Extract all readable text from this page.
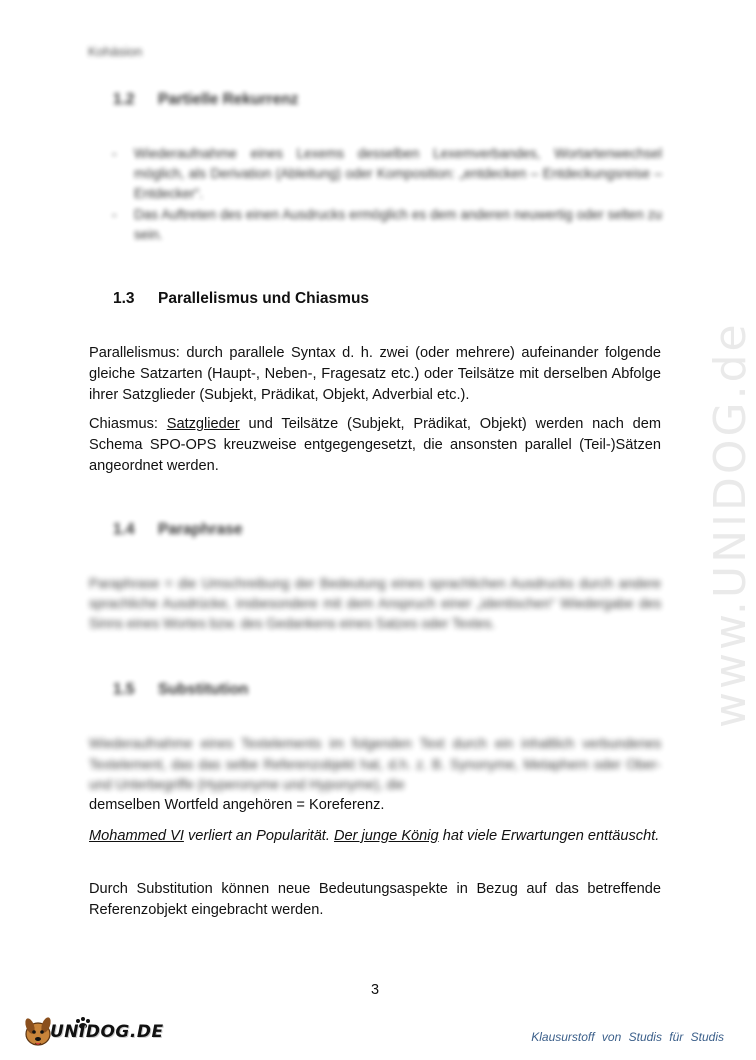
www.UNIDOG.de
Kohäsion
1.2 Partielle Rekurrenz
- Wiederaufnahme eines Lexems desselben Lexemverbandes, Wortartenwechsel möglich, als Derivation (Ableitung) oder Komposition: „entdecken – Entdeckungsreise – Entdecker“.
- Das Auftreten des einen Ausdrucks ermöglich es dem anderen neuwertig oder selten zu sein.
1.3 Parallelismus und Chiasmus
Parallelismus: durch parallele Syntax d. h. zwei (oder mehrere) aufeinander folgende gleiche Satzarten (Haupt-, Neben-, Fragesatz etc.) oder Teilsätze mit derselben Abfolge ihrer Satzglieder (Subjekt, Prädikat, Objekt, Adverbial etc.).
Chiasmus: Satzglieder und Teilsätze (Subjekt, Prädikat, Objekt) werden nach dem Schema SPO-OPS kreuzweise entgegengesetzt, die ansonsten parallel (Teil-)Sätzen angeordnet werden.
1.4 Paraphrase
Paraphrase = die Umschreibung der Bedeutung eines sprachlichen Ausdrucks durch andere sprachliche Ausdrücke, insbesondere mit dem Anspruch einer „identischen“ Wiedergabe des Sinns eines Wortes bzw. des Gedankens eines Satzes oder Textes.
1.5 Substitution
Wiederaufnahme eines Textelements im folgenden Text durch ein inhaltlich verbundenes Textelement, das das selbe Referenzobjekt hat, d.h. z. B. Synonyme, Metaphern oder Ober- und Unterbegriffe (Hyperonyme und Hyponyme), die
demselben Wortfeld angehören = Koreferenz.
Mohammed VI verliert an Popularität. Der junge König hat viele Erwartungen enttäuscht.
Durch Substitution können neue Bedeutungsaspekte in Bezug auf das betreffende Referenzobjekt eingebracht werden.
3
UNIDOG.DE	Klausurstoff von Studis für Studis
